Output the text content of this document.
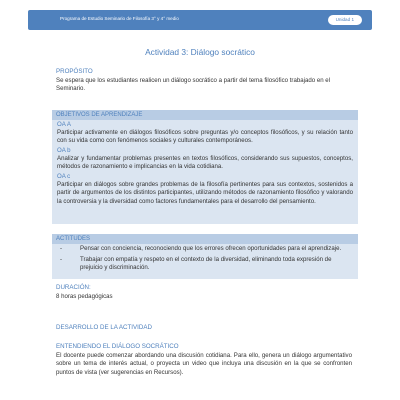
Programa de Estudio Seminario de Filosofía 3° y 4° medio	Unidad 1
Actividad 3: Diálogo socrático
PROPÓSITO
Se espera que los estudiantes realicen un diálogo socrático a partir del tema filosófico trabajado en el Seminario.
OBJETIVOS DE APRENDIZAJE
OA A
Participar activamente en diálogos filosóficos sobre preguntas y/o conceptos filosóficos, y su relación tanto con su vida como con fenómenos sociales y culturales contemporáneos.
OA b
Analizar y fundamentar problemas presentes en textos filosóficos, considerando sus supuestos, conceptos, métodos de razonamiento e implicancias en la vida cotidiana.
OA c
Participar en diálogos sobre grandes problemas de la filosofía pertinentes para sus contextos, sostenidos a partir de argumentos de los distintos participantes, utilizando métodos de razonamiento filosófico y valorando la controversia y la diversidad como factores fundamentales para el desarrollo del pensamiento.
ACTITUDES
-	Pensar con conciencia, reconociendo que los errores ofrecen oportunidades para el aprendizaje.
-	Trabajar con empatía y respeto en el contexto de la diversidad, eliminando toda expresión de prejuicio y discriminación.
DURACIÓN:
8 horas pedagógicas
DESARROLLO DE LA ACTIVIDAD
ENTENDIENDO EL DIÁLOGO SOCRÁTICO
El docente puede comenzar abordando una discusión cotidiana. Para ello, genera un diálogo argumentativo sobre un tema de interés actual, o proyecta un video que incluya una discusión en la que se confronten puntos de vista (ver sugerencias en Recursos).
